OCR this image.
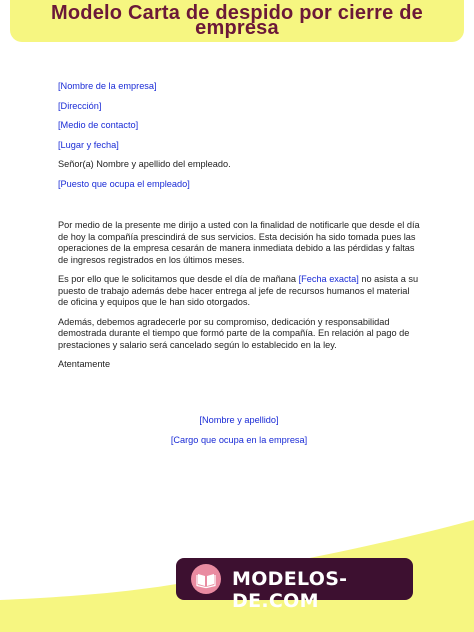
Modelo Carta de despido por cierre de empresa
[Nombre de la empresa]
[Dirección]
[Medio de contacto]
[Lugar y fecha]
Señor(a) Nombre y apellido del empleado.
[Puesto que ocupa el empleado]

Por medio de la presente me dirijo a usted con la finalidad de notificarle que desde el día de hoy la compañía prescindirá de sus servicios. Esta decisión ha sido tomada pues las operaciones de la empresa cesarán de manera inmediata debido a las pérdidas y faltas de ingresos registrados en los últimos meses.

Es por ello que le solicitamos que desde el día de mañana [Fecha exacta] no asista a su puesto de trabajo además debe hacer entrega al jefe de recursos humanos el material de oficina y equipos que le han sido otorgados.

Además, debemos agradecerle por su compromiso, dedicación y responsabilidad demostrada durante el tiempo que formó parte de la compañía. En relación al pago de prestaciones y salario será cancelado según lo establecido en la ley.

Atentamente

[Nombre y apellido]

[Cargo que ocupa en la empresa]

MODELOS-DE.COM
